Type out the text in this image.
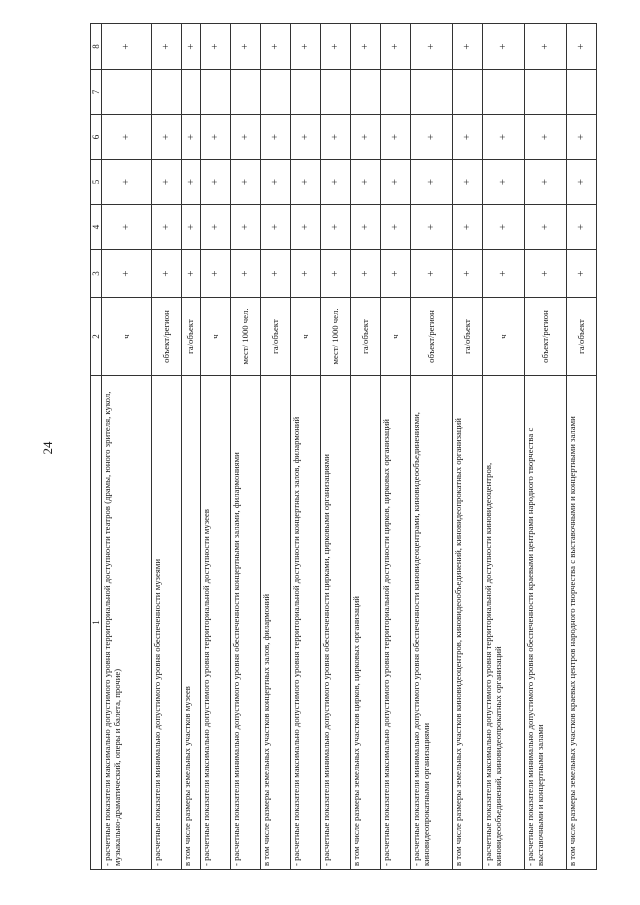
24
1	2	3	4	5	6	7	8
- расчетные показатели максимально допустимого уровня территориальной доступности театров (драмы, юного зрителя, кукол, музыкально-драматический, оперы и балета, прочие)	ч	+	+	+	+		+
- расчетные показатели минимально допустимого уровня обеспеченности музеями	объект/регион	+	+	+	+		+
в том числе размеры земельных участков музеев	га/объект	+	+	+	+		+
- расчетные показатели максимально допустимого уровня территориальной доступности музеев	ч	+	+	+	+		+
- расчетные показатели минимально допустимого уровня обеспеченности концертными залами, филармониями	мест/ 1000 чел.	+	+	+	+		+
в том числе размеры земельных участков концертных залов, филармоний	га/объект	+	+	+	+		+
- расчетные показатели максимально допустимого уровня территориальной доступности концертных залов, филармоний	ч	+	+	+	+		+
- расчетные показатели минимально допустимого уровня обеспеченности цирками, цирковыми организациями	мест/ 1000 чел.	+	+	+	+		+
в том числе размеры земельных участков цирков, цирковых организаций	га/объект	+	+	+	+		+
- расчетные показатели максимально допустимого уровня территориальной доступности цирков, цирковых организаций	ч	+	+	+	+		+
- расчетные показатели минимально допустимого уровня обеспеченности киновидеоцентрами, киновидеообъединениями, киновидеопрокатными организациями	объект/регион	+	+	+	+		+
в том числе размеры земельных участков киновидеоцентров, киновидеообъединений, киновидеопрокатных организаций	га/объект	+	+	+	+		+
- расчетные показатели максимально допустимого уровня территориальной доступности киновидеоцентров, киновидеообъединений, киновидеопрокатных организаций	ч	+	+	+	+		+
- расчетные показатели минимально допустимого уровня обеспеченности краевыми центрами народного творчества с выставочными и концертными залами	объект/регион	+	+	+	+		+
в том числе размеры земельных участков краевых центров народного творчества с выставочными и концертными залами	га/объект	+	+	+	+		+
